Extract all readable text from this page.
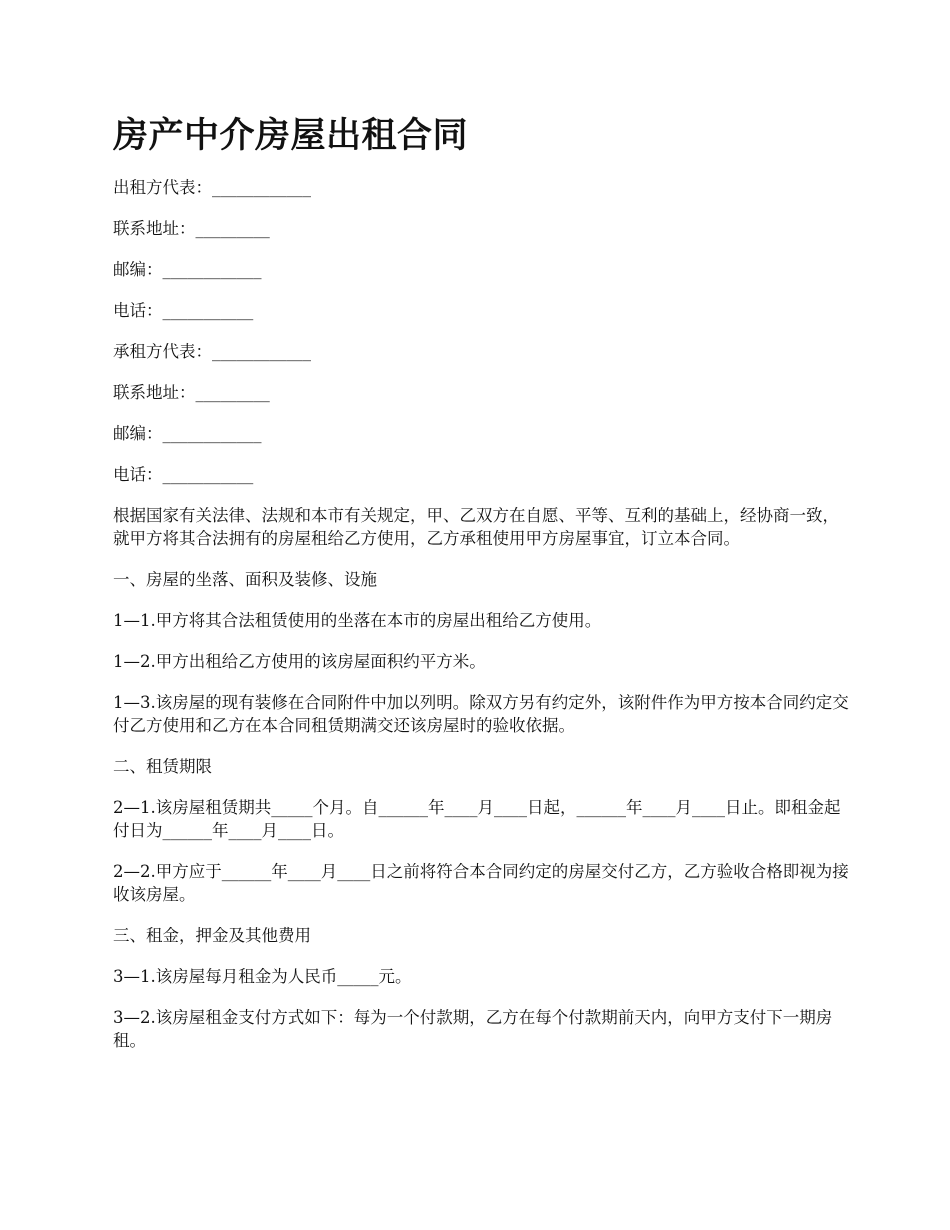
房产中介房屋出租合同

出租方代表：____________

联系地址：_________

邮编：____________

电话：___________

承租方代表：____________

联系地址：_________

邮编：____________

电话：___________

根据国家有关法律、法规和本市有关规定，甲、乙双方在自愿、平等、互利的基础上，经协商一致，就甲方将其合法拥有的房屋租给乙方使用，乙方承租使用甲方房屋事宜，订立本合同。

一、房屋的坐落、面积及装修、设施

1—1.甲方将其合法租赁使用的坐落在本市的房屋出租给乙方使用。

1—2.甲方出租给乙方使用的该房屋面积约平方米。

1—3.该房屋的现有装修在合同附件中加以列明。除双方另有约定外，该附件作为甲方按本合同约定交付乙方使用和乙方在本合同租赁期满交还该房屋时的验收依据。

二、租赁期限

2—1.该房屋租赁期共_____个月。自______年____月____日起，______年____月____日止。即租金起付日为______年____月____日。

2—2.甲方应于______年____月____日之前将符合本合同约定的房屋交付乙方，乙方验收合格即视为接收该房屋。

三、租金，押金及其他费用

3—1.该房屋每月租金为人民币_____元。

3—2.该房屋租金支付方式如下：每为一个付款期，乙方在每个付款期前天内，向甲方支付下一期房租。
